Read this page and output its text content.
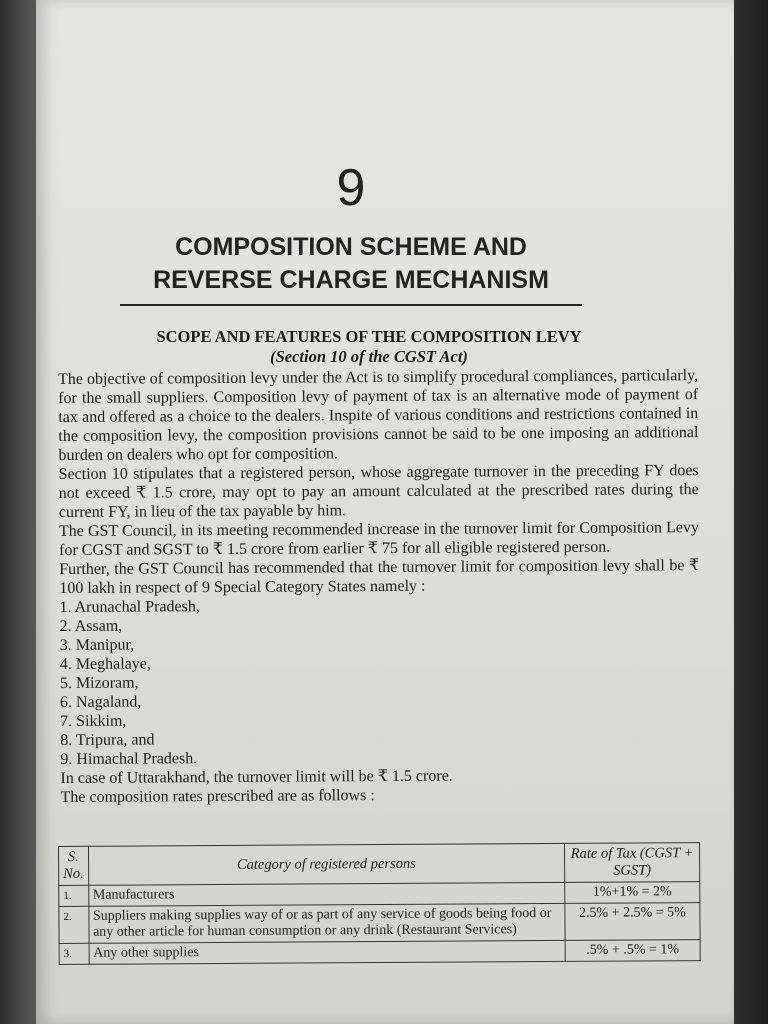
9
COMPOSITION SCHEME AND
REVERSE CHARGE MECHANISM
SCOPE AND FEATURES OF THE COMPOSITION LEVY
(Section 10 of the CGST Act)

The objective of composition levy under the Act is to simplify procedural compliances, particularly, for the small suppliers. Composition levy of payment of tax is an alternative mode of payment of tax and offered as a choice to the dealers. Inspite of various conditions and restrictions contained in the composition levy, the composition provisions cannot be said to be one imposing an additional burden on dealers who opt for composition.

Section 10 stipulates that a registered person, whose aggregate turnover in the preceding FY does not exceed ₹ 1.5 crore, may opt to pay an amount calculated at the prescribed rates during the current FY, in lieu of the tax payable by him.

The GST Council, in its meeting recommended increase in the turnover limit for Composition Levy for CGST and SGST to ₹ 1.5 crore from earlier ₹ 75 for all eligible registered person.

Further, the GST Council has recommended that the turnover limit for composition levy shall be ₹ 100 lakh in respect of 9 Special Category States namely :

1. Arunachal Pradesh,
2. Assam,
3. Manipur,
4. Meghalaye,
5. Mizoram,
6. Nagaland,
7. Sikkim,
8. Tripura, and
9. Himachal Pradesh.

In case of Uttarakhand, the turnover limit will be ₹ 1.5 crore.

The composition rates prescribed are as follows :

S. No.	Category of registered persons	Rate of Tax (CGST + SGST)
1.	Manufacturers	1%+1% = 2%
2.	Suppliers making supplies way of or as part of any service of goods being food or any other article for human consumption or any drink (Restaurant Services)	2.5% + 2.5% = 5%
3.	Any other supplies	.5% + .5% = 1%
